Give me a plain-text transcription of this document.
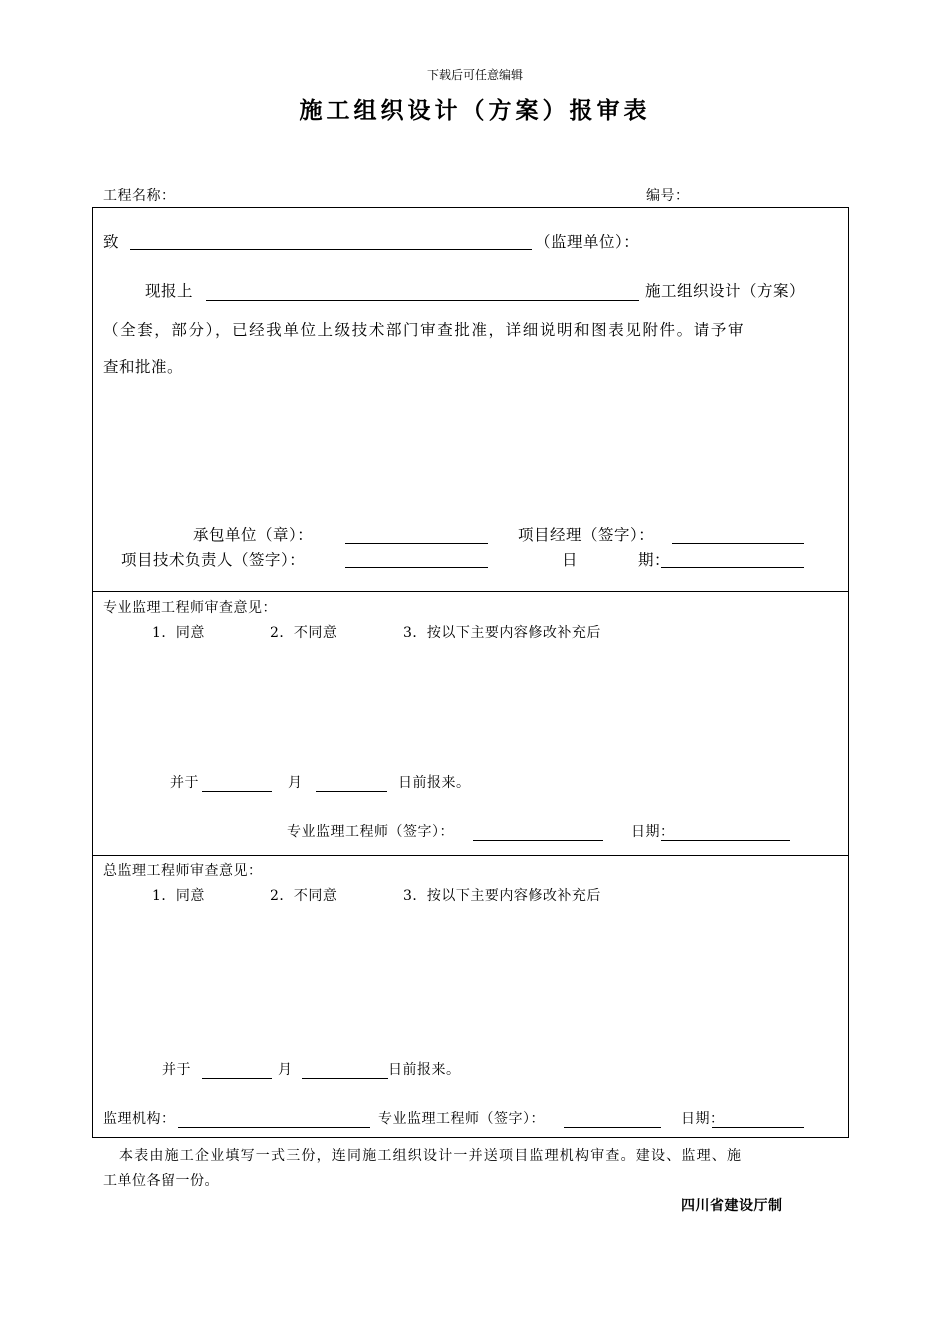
下载后可任意编辑
施工组织设计（方案）报审表
工程名称：	编号：
致	（监理单位）：
现报上	施工组织设计（方案）
（全套，部分），已经我单位上级技术部门审查批准，详细说明和图表见附件。请予审
查和批准。
承包单位（章）：	项目经理（签字）：
项目技术负责人（签字）：	日	期：
专业监理工程师审查意见：
1．同意	2．不同意	3．按以下主要内容修改补充后
并于	月	日前报来。
专业监理工程师（签字）：	日期：
总监理工程师审查意见：
1．同意	2．不同意	3．按以下主要内容修改补充后
并于	月	日前报来。
监理机构：	专业监理工程师（签字）：	日期：
本表由施工企业填写一式三份，连同施工组织设计一并送项目监理机构审查。建设、监理、施
工单位各留一份。
四川省建设厅制
